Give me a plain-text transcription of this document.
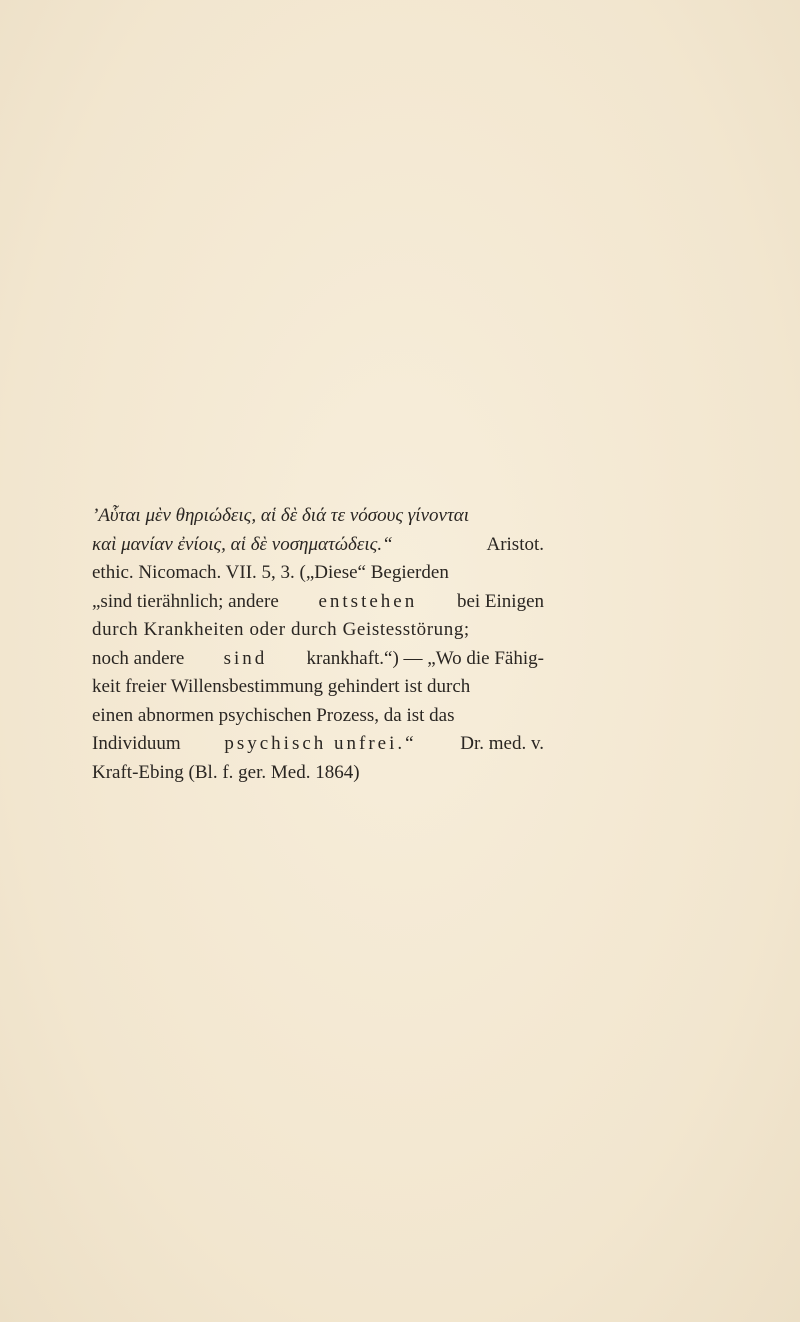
ʼΑὗται μὲν θηριώδεις, αἱ δὲ διά τε νόσους γίνονται
καὶ μανίαν ἐνίοις, αἱ δὲ νοσηματώδεις.“	Aristot.
ethic. Nicomach. VII. 5, 3. („Diese“ Begierden
„sind tierähnlich; andere entstehen bei Einigen
durch Krankheiten oder durch Geistesstörung;
noch andere sind krankhaft.“) — „Wo die Fähig-
keit freier Willensbestimmung gehindert ist durch
einen abnormen psychischen Prozess, da ist das
Individuum psychisch unfrei.“ Dr. med. v.
Kraft-Ebing (Bl. f. ger. Med. 1864)
